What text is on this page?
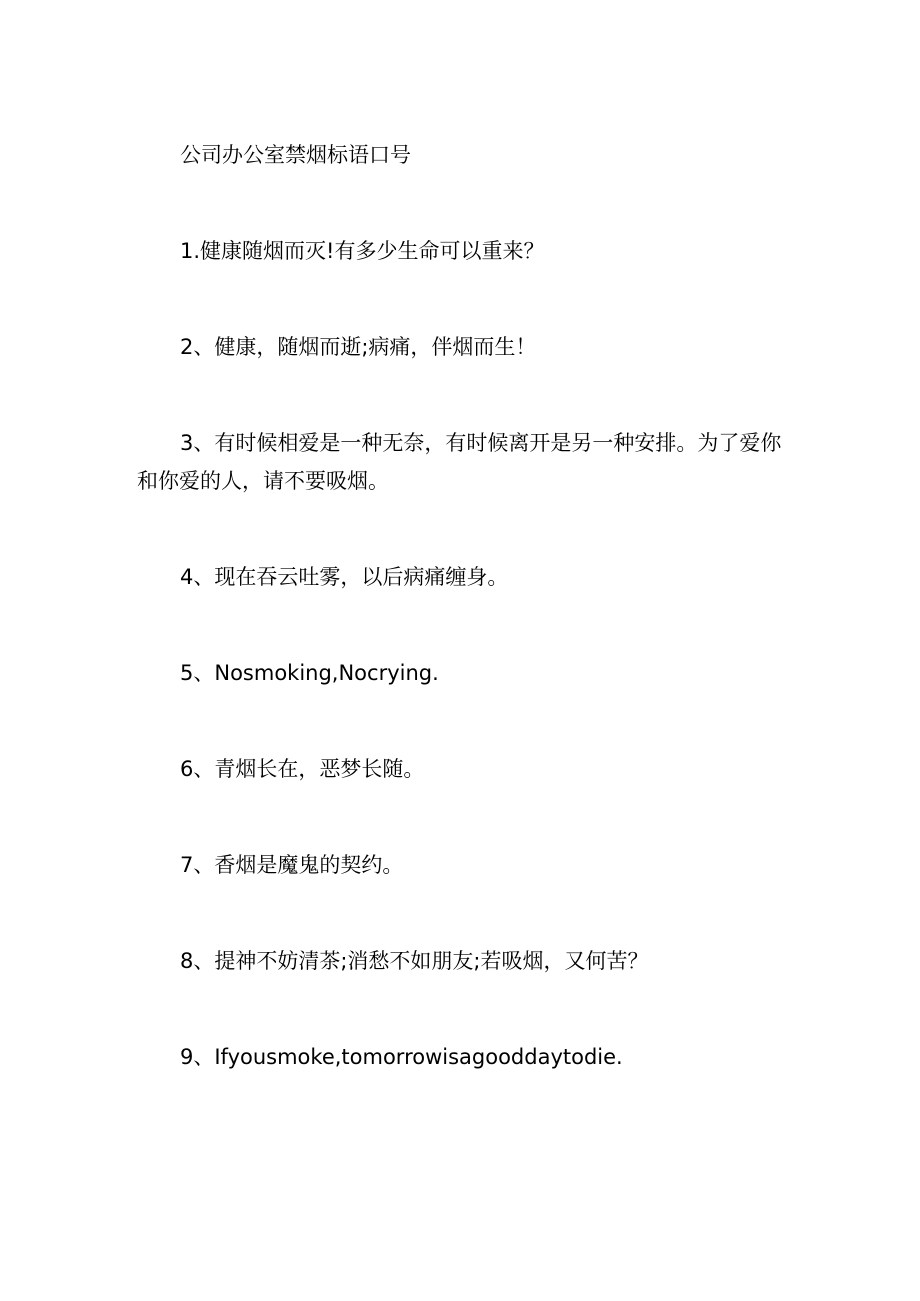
公司办公室禁烟标语口号

1.健康随烟而灭!有多少生命可以重来？

2、健康，随烟而逝;病痛，伴烟而生！

3、有时候相爱是一种无奈，有时候离开是另一种安排。为了爱你和你爱的人，请不要吸烟。

4、现在吞云吐雾，以后病痛缠身。

5、Nosmoking,Nocrying.

6、青烟长在，恶梦长随。

7、香烟是魔鬼的契约。

8、提神不妨清茶;消愁不如朋友;若吸烟，又何苦？

9、Ifyousmoke,tomorrowisagooddaytodie.
